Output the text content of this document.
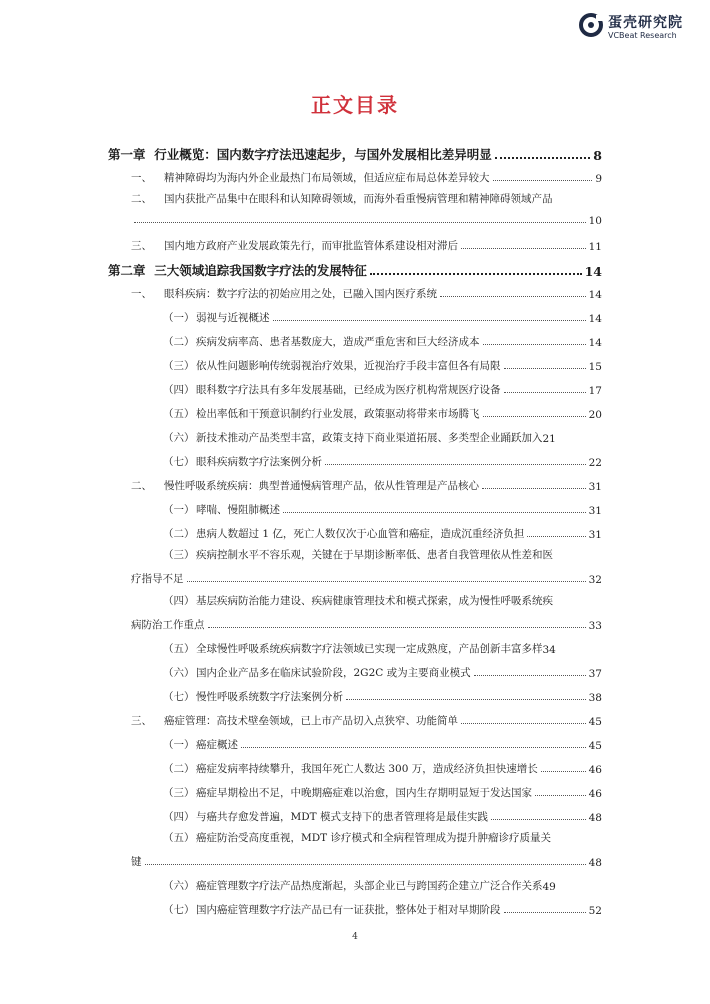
蛋壳研究院
VCBeat Research
正文目录
第一章 行业概览：国内数字疗法迅速起步，与国外发展相比差异明显	8
一、 精神障碍均为海内外企业最热门布局领域，但适应症布局总体差异较大	9
二、 国内获批产品集中在眼科和认知障碍领域，而海外看重慢病管理和精神障碍领域产品
10
三、 国内地方政府产业发展政策先行，而审批监管体系建设相对滞后	11
第二章 三大领域追踪我国数字疗法的发展特征	14
一、 眼科疾病：数字疗法的初始应用之处，已融入国内医疗系统	14
（一） 弱视与近视概述	14
（二） 疾病发病率高、患者基数庞大，造成严重危害和巨大经济成本	14
（三） 依从性问题影响传统弱视治疗效果，近视治疗手段丰富但各有局限	15
（四） 眼科数字疗法具有多年发展基础，已经成为医疗机构常规医疗设备	17
（五） 检出率低和干预意识制约行业发展，政策驱动将带来市场腾飞	20
（六） 新技术推动产品类型丰富，政策支持下商业渠道拓展、多类型企业踊跃加入 21
（七） 眼科疾病数字疗法案例分析	22
二、 慢性呼吸系统疾病：典型普通慢病管理产品，依从性管理是产品核心	31
（一） 哮喘、慢阻肺概述	31
（二） 患病人数超过 1 亿，死亡人数仅次于心血管和癌症，造成沉重经济负担	31
（三） 疾病控制水平不容乐观，关键在于早期诊断率低、患者自我管理依从性差和医
疗指导不足	32
（四） 基层疾病防治能力建设、疾病健康管理技术和模式探索，成为慢性呼吸系统疾
病防治工作重点	33
（五） 全球慢性呼吸系统疾病数字疗法领域已实现一定成熟度，产品创新丰富多样 34
（六） 国内企业产品多在临床试验阶段，2G2C 或为主要商业模式	37
（七） 慢性呼吸系统数字疗法案例分析	38
三、 癌症管理：高技术壁垒领域，已上市产品切入点狭窄、功能简单	45
（一） 癌症概述	45
（二） 癌症发病率持续攀升，我国年死亡人数达 300 万，造成经济负担快速增长	46
（三） 癌症早期检出不足，中晚期癌症难以治愈，国内生存期明显短于发达国家	46
（四） 与癌共存愈发普遍，MDT 模式支持下的患者管理将是最佳实践	48
（五） 癌症防治受高度重视，MDT 诊疗模式和全病程管理成为提升肿瘤诊疗质量关
键	48
（六） 癌症管理数字疗法产品热度渐起，头部企业已与跨国药企建立广泛合作关系 49
（七） 国内癌症管理数字疗法产品已有一证获批，整体处于相对早期阶段	52
4
